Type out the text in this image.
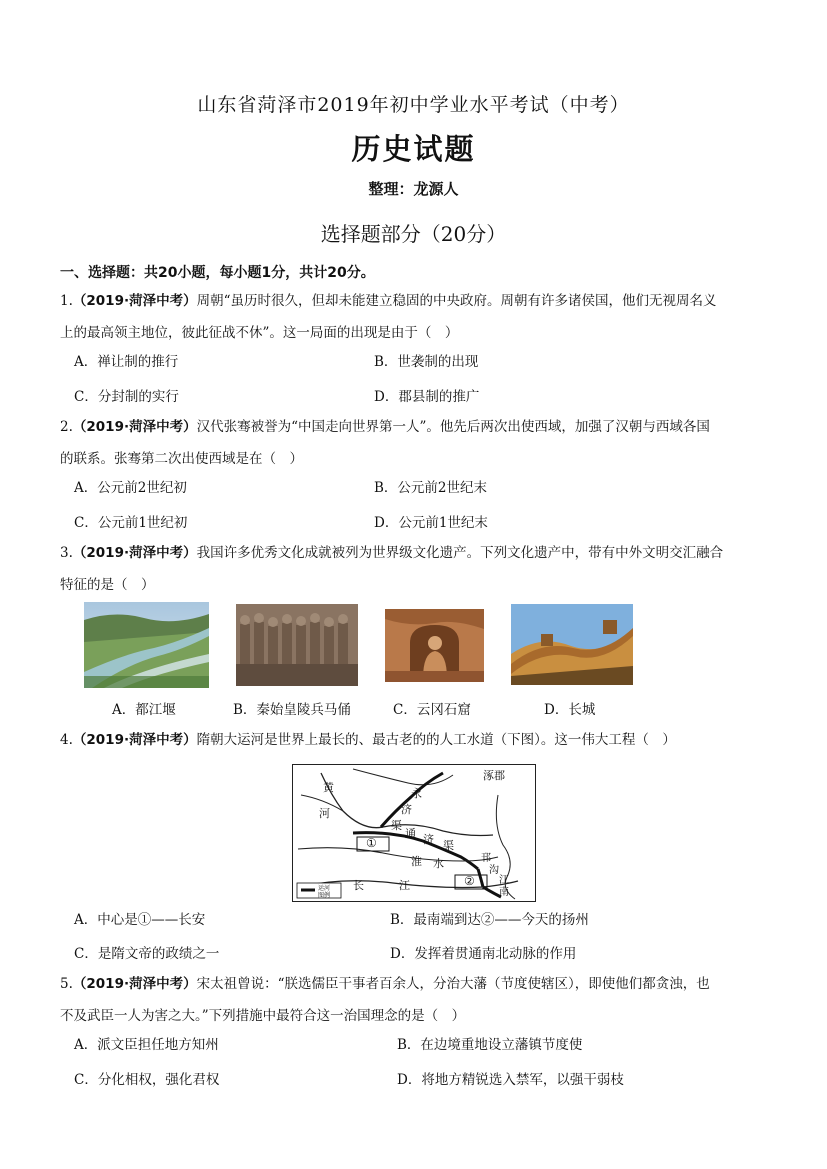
山东省菏泽市2019年初中学业水平考试（中考）
历史试题
整理：龙源人
选择题部分（20分）
一、选择题：共20小题，每小题1分，共计20分。
1.（2019·菏泽中考）周朝“虽历时很久，但却未能建立稳固的中央政府。周朝有许多诸侯国，他们无视周名义
上的最高领主地位，彼此征战不休”。这一局面的出现是由于（　）
A．禅让制的推行	B．世袭制的出现
C．分封制的实行	D．郡县制的推广
2.（2019·菏泽中考）汉代张骞被誉为“中国走向世界第一人”。他先后两次出使西域，加强了汉朝与西域各国
的联系。张骞第二次出使西域是在（　）
A．公元前2世纪初	B．公元前2世纪末
C．公元前1世纪初	D．公元前1世纪末
3.（2019·菏泽中考）我国许多优秀文化成就被列为世界级文化遗产。下列文化遗产中，带有中外文明交汇融合
特征的是（　）
A．都江堰	B．秦始皇陵兵马俑	C．云冈石窟	D．长城
4.（2019·菏泽中考）隋朝大运河是世界上最长的、最古老的的人工水道（下图）。这一伟大工程（　）
涿郡
黄
河
永
济
渠
通 济 渠
淮 水
长	江
邗
沟
江
南
①
②
运河
图例
A．中心是①——长安	B．最南端到达②——今天的扬州
C．是隋文帝的政绩之一	D．发挥着贯通南北动脉的作用
5.（2019·菏泽中考）宋太祖曾说：“朕选儒臣干事者百余人，分治大藩（节度使辖区），即使他们都贪浊，也
不及武臣一人为害之大。”下列措施中最符合这一治国理念的是（　）
A．派文臣担任地方知州	B．在边境重地设立藩镇节度使
C．分化相权，强化君权	D．将地方精锐选入禁军，以强干弱枝
